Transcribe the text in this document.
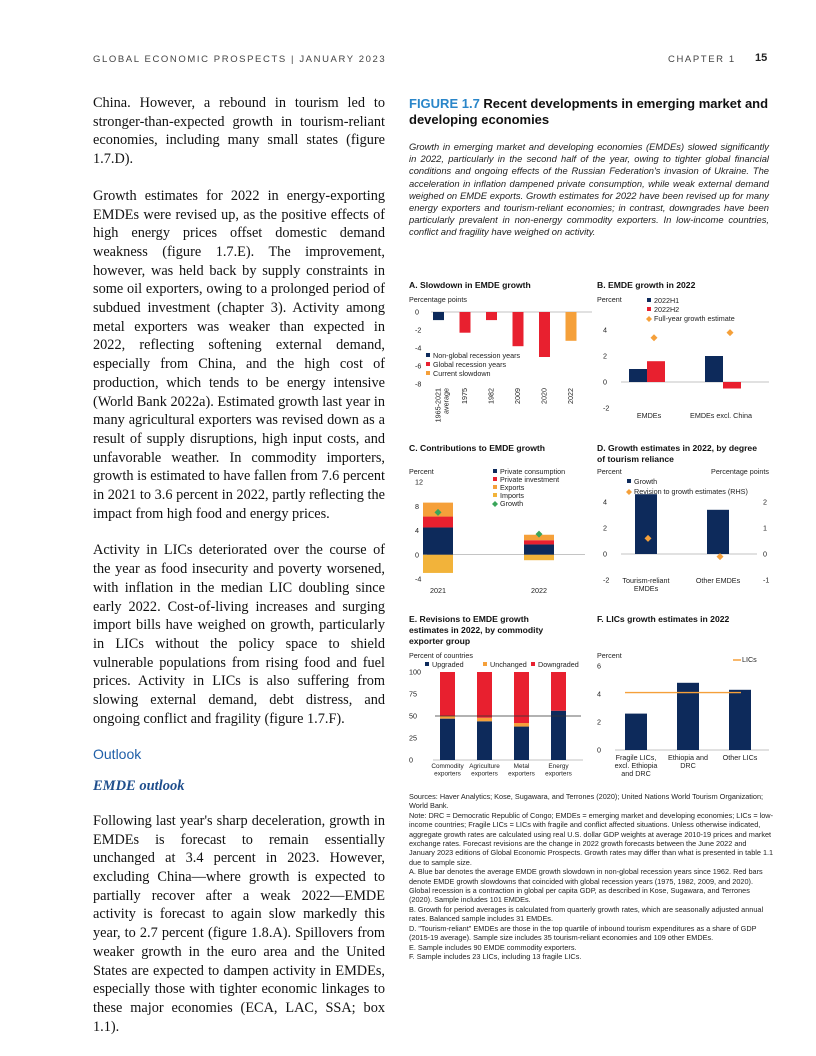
GLOBAL ECONOMIC PROSPECTS | JANUARY 2023	CHAPTER 1 15

China. However, a rebound in tourism led to stronger-than-expected growth in tourism-reliant economies, including many small states (figure 1.7.D).

Growth estimates for 2022 in energy-exporting EMDEs were revised up, as the positive effects of high energy prices offset domestic demand weakness (figure 1.7.E). The improvement, however, was held back by supply constraints in some oil exporters, owing to a prolonged period of subdued investment (chapter 3). Activity among metal exporters was weaker than expected in 2022, reflecting softening external demand, especially from China, and the high cost of production, which tends to be energy intensive (World Bank 2022a). Estimated growth last year in many agricultural exporters was revised down as a result of supply disruptions, high input costs, and unfavorable weather. In commodity importers, growth is estimated to have fallen from 7.6 percent in 2021 to 3.6 percent in 2022, partly reflecting the impact from high food and energy prices.

Activity in LICs deteriorated over the course of the year as food insecurity and poverty worsened, with inflation in the median LIC doubling since early 2022. Cost-of-living increases and surging import bills have weighed on growth, particularly in LICs without the policy space to shield vulnerable populations from rising food and fuel prices. Activity in LICs is also suffering from slowing external demand, debt distress, and ongoing conflict and fragility (figure 1.7.F).

Outlook
EMDE outlook

Following last year's sharp deceleration, growth in EMDEs is forecast to remain essentially unchanged at 3.4 percent in 2023. However, excluding China—where growth is expected to partially recover after a weak 2022—EMDE activity is forecast to again slow markedly this year, to 2.7 percent (figure 1.8.A). Spillovers from weaker growth in the euro area and the United States are expected to dampen activity in EMDEs, especially those with tighter economic linkages to these major economies (ECA, LAC, SSA; box 1.1).

FIGURE 1.7 Recent developments in emerging market and developing economies
Growth in emerging market and developing economies (EMDEs) slowed significantly in 2022, particularly in the second half of the year, owing to tighter global financial conditions and ongoing effects of the Russian Federation's invasion of Ukraine. The acceleration in inflation dampened private consumption, while weak external demand weighed on EMDE exports. Growth estimates for 2022 have been revised up for many energy exporters and tourism-reliant economies; in contrast, downgrades have been particularly prevalent in non-energy commodity exporters. In low-income countries, conflict and fragility have weighed on activity.
A. Slowdown in EMDE growth	B. EMDE growth in 2022
C. Contributions to EMDE growth	D. Growth estimates in 2022, by degree of tourism reliance
E. Revisions to EMDE growth estimates in 2022, by commodity exporter group
F. LICs growth estimates in 2022
Percentage points
0
-2
-4
-6
-8
1965-2021 average 1975 1982 2009 2020 2022
Non-global recession years
Global recession years
Current slowdown
Percent
4
2
0
-2
EMDEs	EMDEs excl. China
2022H1
2022H2
Full-year growth estimate
Percent
12
8
4
0
-4
2021	2022
Private consumption
Private investment
Exports
Imports
Growth
Percent	Percentage points
4
2
0
-2
2
1
0
-1
Tourism-reliant
EMDEs
Other EMDEs
Growth
Revision to growth estimates (RHS)
Percent of countries
100
75
50
25
0
Commodity
exporters
Agriculture
exporters
Metal
exporters
Energy
exporters
Upgraded	Unchanged Downgraded
Percent
6
4
2
0
Fragile LICs,
excl. Ethiopia
and DRC
Ethiopia and
DRC
Other LICs
LICs

Sources: Haver Analytics; Kose, Sugawara, and Terrones (2020); United Nations World Tourism Organization; World Bank.

Note: DRC = Democratic Republic of Congo; EMDEs = emerging market and developing economies; LICs = low-income countries; Fragile LICs = LICs with fragile and conflict affected situations. Unless otherwise indicated, aggregate growth rates are calculated using real U.S. dollar GDP weights at average 2010-19 prices and market exchange rates. Forecast revisions are the change in 2022 growth forecasts between the June 2022 and January 2023 editions of Global Economic Prospects. Growth rates may differ than what is presented in table 1.1 due to sample size.

A. Blue bar denotes the average EMDE growth slowdown in non-global recession years since 1962. Red bars denote EMDE growth slowdowns that coincided with global recession years (1975, 1982, 2009, and 2020). Global recession is a contraction in global per capita GDP, as described in Kose, Sugawara, and Terrones (2020). Sample includes 101 EMDEs.

B. Growth for period averages is calculated from quarterly growth rates, which are seasonally adjusted annual rates. Balanced sample includes 31 EMDEs.

D. "Tourism-reliant" EMDEs are those in the top quartile of inbound tourism expenditures as a share of GDP (2015-19 average). Sample size includes 35 tourism-reliant economies and 109 other EMDEs.

E. Sample includes 90 EMDE commodity exporters.

F. Sample includes 23 LICs, including 13 fragile LICs.
